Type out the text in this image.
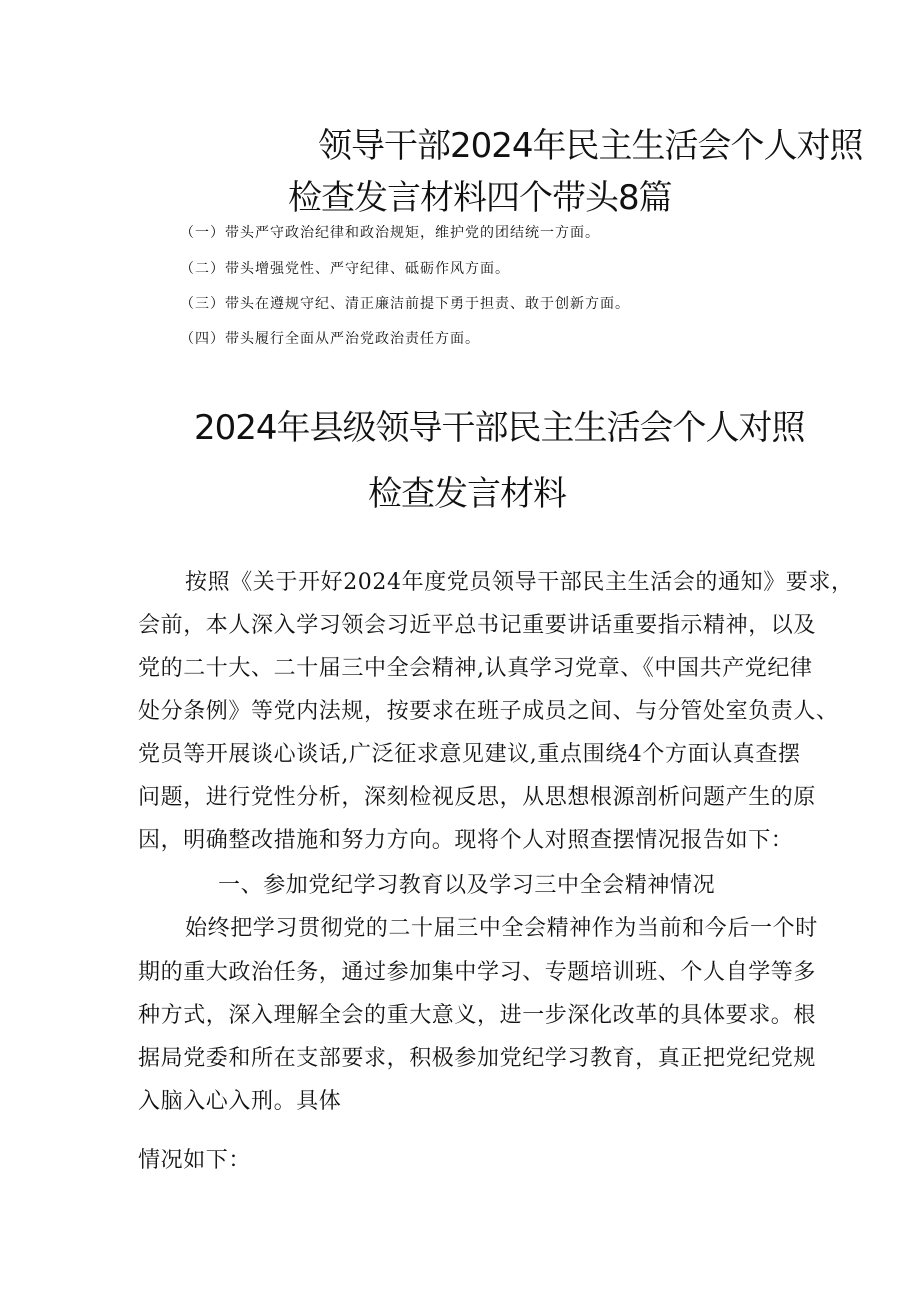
领导干部2024年民主生活会个人对照
检查发言材料四个带头8篇

（一）带头严守政治纪律和政治规矩，维护党的团结统一方面。

（二）带头增强党性、严守纪律、砥砺作风方面。

（三）带头在遵规守纪、清正廉洁前提下勇于担责、敢于创新方面。

（四）带头履行全面从严治党政治责任方面。

2024年县级领导干部民主生活会个人对照
检查发言材料

按照《关于开好2024年度党员领导干部民主生活会的通知》要求，

会前，本人深入学习领会习近平总书记重要讲话重要指示精神，以及

党的二十大、二十届三中全会精神,认真学习党章、《中国共产党纪律

处分条例》等党内法规，按要求在班子成员之间、与分管处室负责人、

党员等开展谈心谈话,广泛征求意见建议,重点围绕4个方面认真查摆

问题，进行党性分析，深刻检视反思，从思想根源剖析问题产生的原

因，明确整改措施和努力方向。现将个人对照查摆情况报告如下：

一、参加党纪学习教育以及学习三中全会精神情况

始终把学习贯彻党的二十届三中全会精神作为当前和今后一个时

期的重大政治任务，通过参加集中学习、专题培训班、个人自学等多

种方式，深入理解全会的重大意义，进一步深化改革的具体要求。根

据局党委和所在支部要求，积极参加党纪学习教育，真正把党纪党规

入脑入心入刑。具体

情况如下：
